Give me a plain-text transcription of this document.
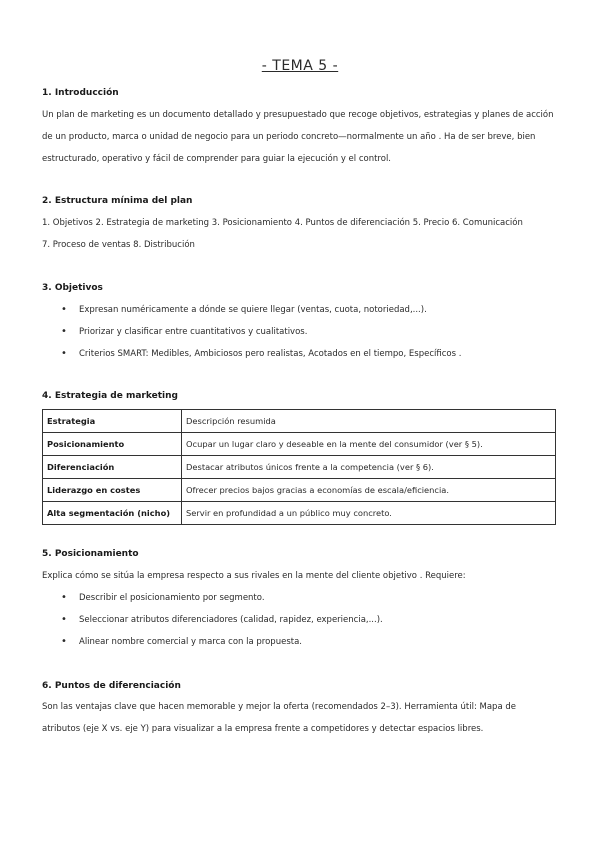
- TEMA 5 -
1. Introducción
Un plan de marketing es un documento detallado y presupuestado que recoge objetivos, estrategias y planes de acción
de un producto, marca o unidad de negocio para un periodo concreto—normalmente un año . Ha de ser breve, bien
estructurado, operativo y fácil de comprender para guiar la ejecución y el control.
2. Estructura mínima del plan
1. Objetivos 2. Estrategia de marketing 3. Posicionamiento 4. Puntos de diferenciación 5. Precio 6. Comunicación
7. Proceso de ventas 8. Distribución
3. Objetivos
• Expresan numéricamente a dónde se quiere llegar (ventas, cuota, notoriedad,...).
• Priorizar y clasificar entre cuantitativos y cualitativos.
• Criterios SMART: Medibles, Ambiciosos pero realistas, Acotados en el tiempo, Específicos .
4. Estrategia de marketing
Estrategia	Descripción resumida
Posicionamiento	Ocupar un lugar claro y deseable en la mente del consumidor (ver § 5).
Diferenciación	Destacar atributos únicos frente a la competencia (ver § 6).
Liderazgo en costes	Ofrecer precios bajos gracias a economías de escala/eficiencia.
Alta segmentación (nicho)	Servir en profundidad a un público muy concreto.
5. Posicionamiento
Explica cómo se sitúa la empresa respecto a sus rivales en la mente del cliente objetivo . Requiere:
• Describir el posicionamiento por segmento.
• Seleccionar atributos diferenciadores (calidad, rapidez, experiencia,...).
• Alinear nombre comercial y marca con la propuesta.
6. Puntos de diferenciación
Son las ventajas clave que hacen memorable y mejor la oferta (recomendados 2–3). Herramienta útil: Mapa de
atributos (eje X vs. eje Y) para visualizar a la empresa frente a competidores y detectar espacios libres.
